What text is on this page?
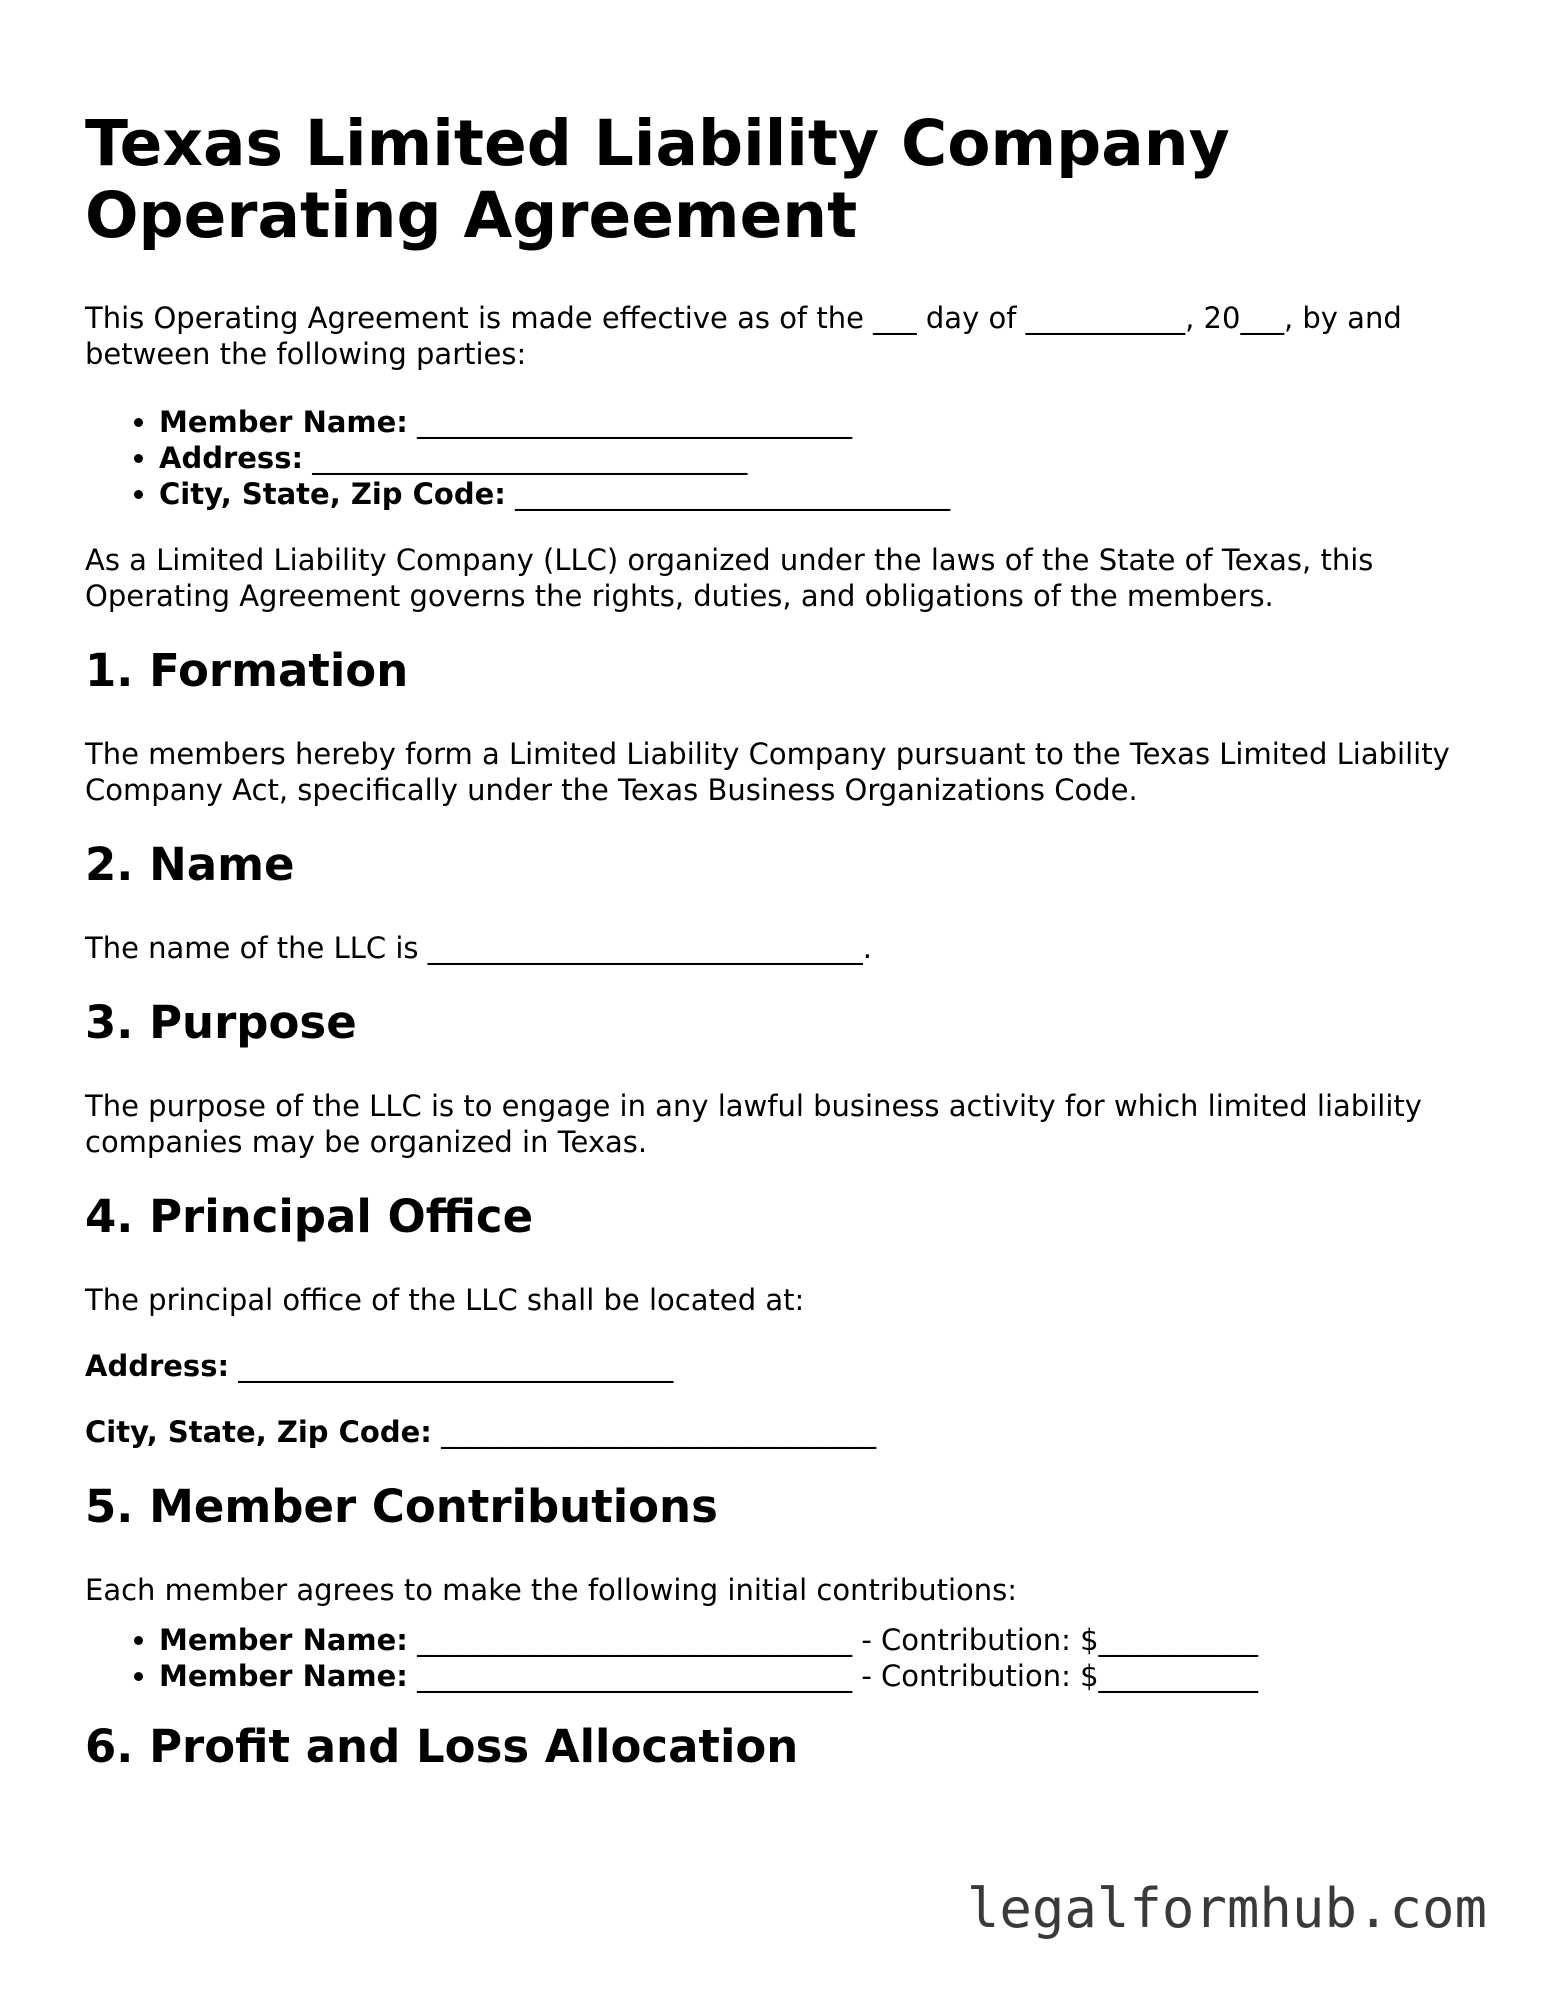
Texas Limited Liability Company Operating Agreement

This Operating Agreement is made effective as of the ___ day of ___________, 20___, by and between the following parties:

• Member Name: ______________________________
• Address: ______________________________
• City, State, Zip Code: ______________________________

As a Limited Liability Company (LLC) organized under the laws of the State of Texas, this Operating Agreement governs the rights, duties, and obligations of the members.

1. Formation

The members hereby form a Limited Liability Company pursuant to the Texas Limited Liability Company Act, specifically under the Texas Business Organizations Code.

2. Name

The name of the LLC is ______________________________.

3. Purpose

The purpose of the LLC is to engage in any lawful business activity for which limited liability companies may be organized in Texas.

4. Principal Office

The principal office of the LLC shall be located at:

Address: ______________________________

City, State, Zip Code: ______________________________

5. Member Contributions

Each member agrees to make the following initial contributions:

• Member Name: ______________________________ - Contribution: $___________
• Member Name: ______________________________ - Contribution: $___________
6. Profit and Loss Allocation
legalformhub.com
